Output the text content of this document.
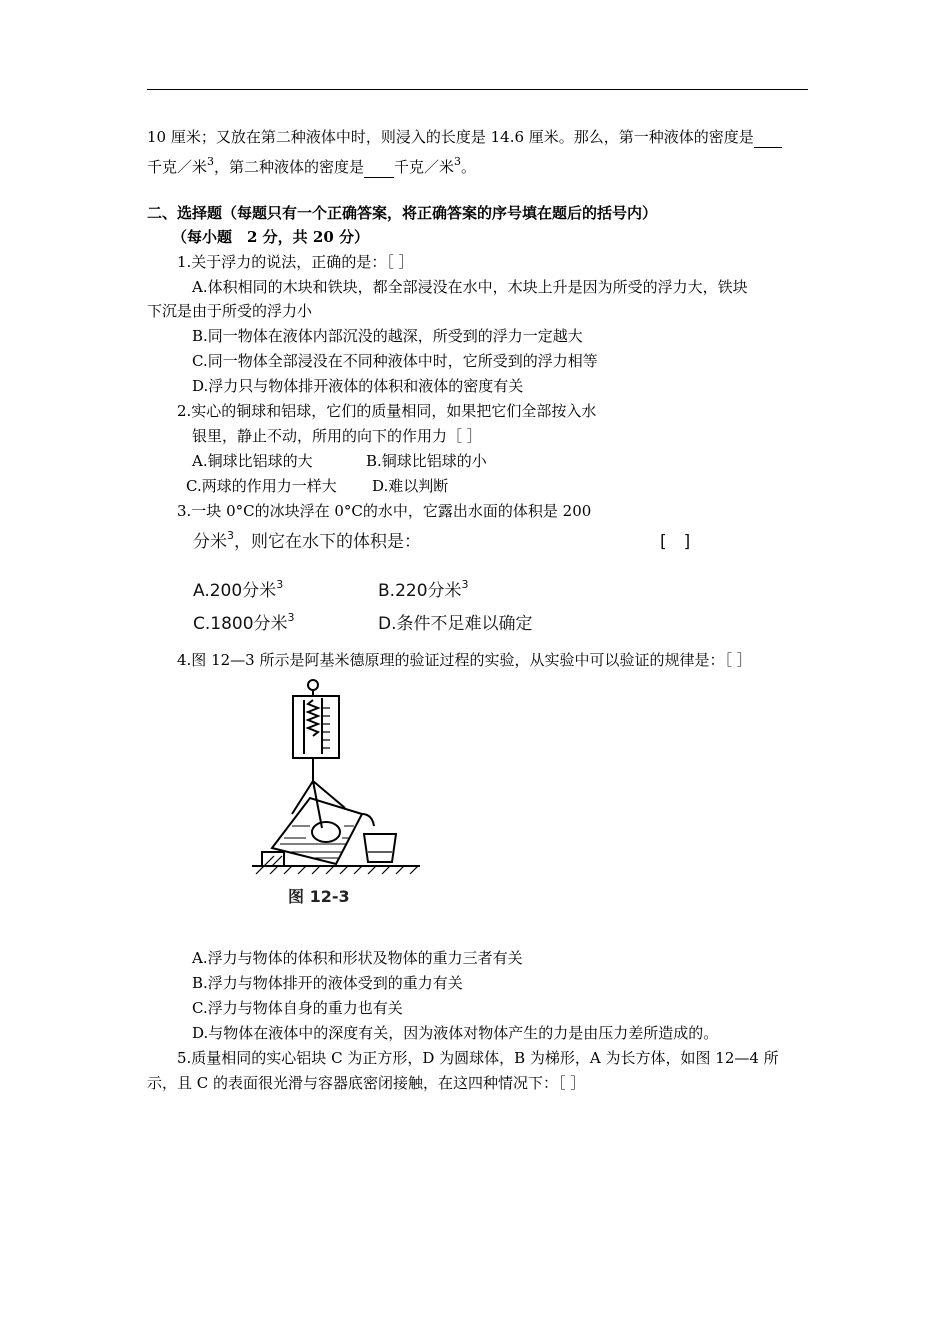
10 厘米；又放在第二种液体中时，则浸入的长度是 14.6 厘米。那么，第一种液体的密度是
千克／米$^3$，第二种液体的密度是 千克／米$^3$。
二、选择题（每题只有一个正确答案，将正确答案的序号填在题后的括号内）
（每小题　2 分，共 20 分）
1.关于浮力的说法，正确的是：［ ］
A.体积相同的木块和铁块，都全部浸没在水中，木块上升是因为所受的浮力大，铁块
下沉是由于所受的浮力小
B.同一物体在液体内部沉没的越深，所受到的浮力一定越大
C.同一物体全部浸没在不同种液体中时，它所受到的浮力相等
D.浮力只与物体排开液体的体积和液体的密度有关
2.实心的铜球和铝球，它们的质量相同，如果把它们全部按入水
银里，静止不动，所用的向下的作用力［ ］
A.铜球比铝球的大	B.铜球比铝球的小
C.两球的作用力一样大 D.难以判断
3.一块 0°C的冰块浮在 0°C的水中，它露出水面的体积是 200
分米$^3$，则它在水下的体积是：	[　]
A.200分米$^3$	B.220分米$^3$
C.1800分米$^3$	D.条件不足难以确定
4.图 12—3 所示是阿基米德原理的验证过程的实验，从实验中可以验证的规律是：［ ］
图 12-3
A.浮力与物体的体积和形状及物体的重力三者有关
B.浮力与物体排开的液体受到的重力有关
C.浮力与物体自身的重力也有关
D.与物体在液体中的深度有关，因为液体对物体产生的力是由压力差所造成的。
5.质量相同的实心铝块 C 为正方形，D 为圆球体，B 为梯形，A 为长方体，如图 12—4 所
示，且 C 的表面很光滑与容器底密闭接触，在这四种情况下：［ ］
